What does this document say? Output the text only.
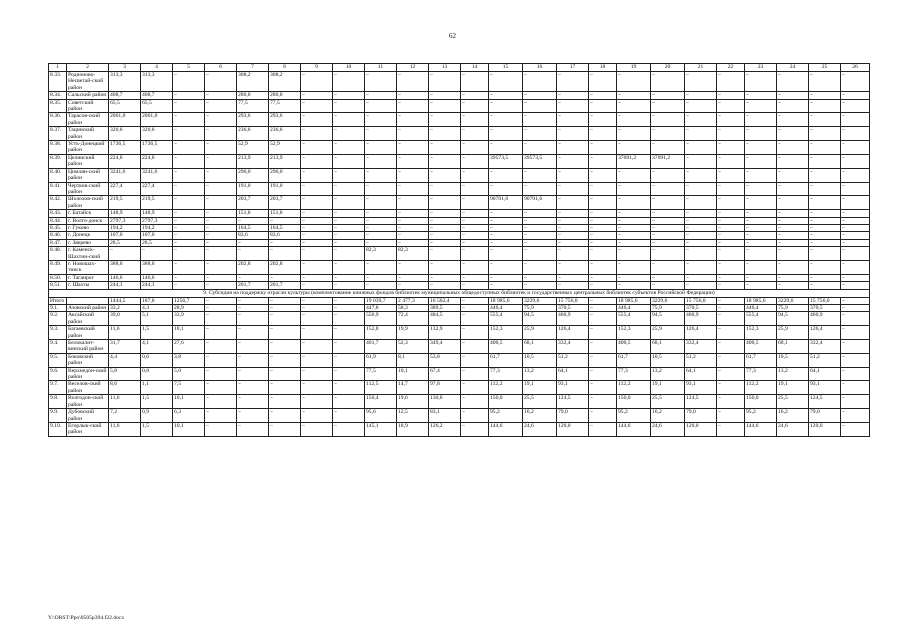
62
1	2	3	4	5	6	7	8	9	10	11	12	13	14	15	16	17	18	19	20	21	22	23	24	25	26
8.33.	Родионово-Несветай-ский район	313,3	313,3	–	–	308,2	308,2	–	–	–	–	–	–	–	–	–	–	–	–	–	–	–	–	–	–
8.34.	Сальский район	408,7	408,7	–	–	280,8	280,8	–	–	–	–	–	–	–	–	–	–	–	–	–	–	–	–	–	–
8.35.	Советский район	65,5	65,5	–	–	77,5	77,5	–	–	–	–	–	–	–	–	–	–	–	–	–	–	–	–	–	–
8.36.	Тарасов-ский район	2061,0	2061,0	–	–	293,6	293,6	–	–	–	–	–	–	–	–	–	–	–	–	–	–	–	–	–	–
8.37.	Тацинский район	320,6	320,6	–	–	236,6	236,6	–	–	–	–	–	–	–	–	–	–	–	–	–	–	–	–	–	–
8.38.	Усть-Донецкий район	1736,5	1736,5	–	–	52,9	52,9	–	–	–	–	–	–	–	–	–	–	–	–	–	–	–	–	–	–
8.39.	Целинский район	224,8	224,8	–	–	213,9	213,9	–	–	–	–	–	–	39573,5	39573,5	–	–	37091,2	37091,2	–	–	–	–	–	–
8.40.	Цимлян-ский район	3241,6	3241,6	–	–	296,0	296,0	–	–	–	–	–	–	–	–	–	–	–	–	–	–	–	–	–	–
8.41.	Чертков-ский район	227,4	227,4	–	–	191,0	191,0	–	–	–	–	–	–	–	–	–	–	–	–	–	–	–	–	–	–
8.42.	Шолохов-ский район	219,5	219,5	–	–	203,7	203,7	–	–	–	–	–	–	90701,6	90701,6	–	–	–	–	–	–	–	–	–	–
8.43.	г. Батайск	148,9	148,9	–	–	151,8	151,8	–	–	–	–	–	–	–	–	–	–	–	–	–	–	–	–	–	–
8.44.	г. Волго-донск	2797,3	2797,3	–	–	–	–	–	–	–	–	–	–	–	–	–	–	–	–	–	–	–	–	–	–
8.45.	г. Гуково	194,2	194,2	–	–	164,5	164,5	–	–	–	–	–	–	–	–	–	–	–	–	–	–	–	–	–	–
8.46.	г. Донецк	107,0	107,0	–	–	83,6	83,6	–	–	–	–	–	–	–	–	–	–	–	–	–	–	–	–	–	–
8.47.	г. Зверево	28,5	28,5	–	–	–	–	–	–	–	–	–	–	–	–	–	–	–	–	–	–	–	–	–	–
8.48.	г. Каменск-Шахтин-ский	–	–	–	–	–	–	–	–	82,3	82,3	–	–	–	–	–	–	–	–	–	–	–	–	–	–
8.49.	г. Новошах-тинск	388,6	388,6	–	–	202,8	202,8	–	–	–	–	–	–	–	–	–	–	–	–	–	–	–	–	–	–
8.50.	г. Таганрог	146,6	146,6	–	–	–	–	–	–	–	–	–	–	–	–	–	–	–	–	–	–	–	–	–	–
8.51.	г. Шахты	244,1	244,1	–	–	201,7	201,7	–	–	–	–	–	–	–	–	–	–	–	–	–	–	–	–	–	–
9. Субсидия на поддержку отрасли культуры (комплектование книжных фондов библиотек муниципальных общедоступных библиотек и государственных центральных библиотек субъектов Российской Федерации)																									
Итого		1444,5	187,8	1256,7	–	–	–	–	–	19 039,7	2 477,3	16 562,4	–	18 985,6	3229,6	15 756,0	–	18 985,6	3229,6	15 756,0	–	18 985,6	3229,6	15 756,0	–
9.1.	Азовский район	33,2	4,3	28,9	–	–	–	–	–	447,8	58,3	389,5	–	446,4	75,9	370,5	–	446,4	75,9	370,5	–	446,4	75,9	370,5	–
9.2.	Аксайский район	39,0	5,1	33,9	–	–	–	–	–	556,9	72,4	484,5	–	555,4	94,5	460,9	–	555,4	94,5	460,9	–	555,4	94,5	460,9	–
9.3.	Багаевский район	11,6	1,5	10,1	–	–	–	–	–	152,8	19,9	132,9	–	152,3	25,9	126,4	–	152,3	25,9	126,4	–	152,3	25,9	126,4	–
9.4.	Белокалит-винский район	31,7	4,1	27,6	–	–	–	–	–	401,7	52,3	349,4	–	400,5	68,1	332,4	–	400,5	68,1	332,4	–	400,5	68,1	332,4	–
9.5.	Боковский район	4,4	0,6	3,8	–	–	–	–	–	61,9	8,1	53,8	–	61,7	10,5	51,2	–	61,7	10,5	51,2	–	61,7	10,5	51,2	–
9.6.	Верхнедон-ской район	5,8	0,8	5,0	–	–	–	–	–	77,5	10,1	67,4	–	77,3	13,2	64,1	–	77,3	13,2	64,1	–	77,3	13,2	64,1	–
9.7.	Веселов-ский район	8,6	1,1	7,5	–	–	–	–	–	112,5	14,7	97,8	–	112,2	19,1	93,1	–	112,2	19,1	93,1	–	112,2	19,1	93,1	–
9.8.	Волгодон-ской район	11,6	1,5	10,1	–	–	–	–	–	150,4	19,6	130,8	–	150,0	25,5	124,5	–	150,0	25,5	124,5	–	150,0	25,5	124,5	–
9.9.	Дубовский район	7,2	0,9	6,3	–	–	–	–	–	95,6	12,5	83,1	–	95,2	16,2	79,0	–	95,2	16,2	79,0	–	95,2	16,2	79,0	–
9.10.	Егорлык-ский район	11,6	1,5	10,1	–	–	–	–	–	145,1	18,9	126,2	–	144,6	24,6	120,0	–	144,6	24,6	120,0	–	144,6	24,6	120,0	–
Y:\ORST\Ppo\0505p394.f22.docx
